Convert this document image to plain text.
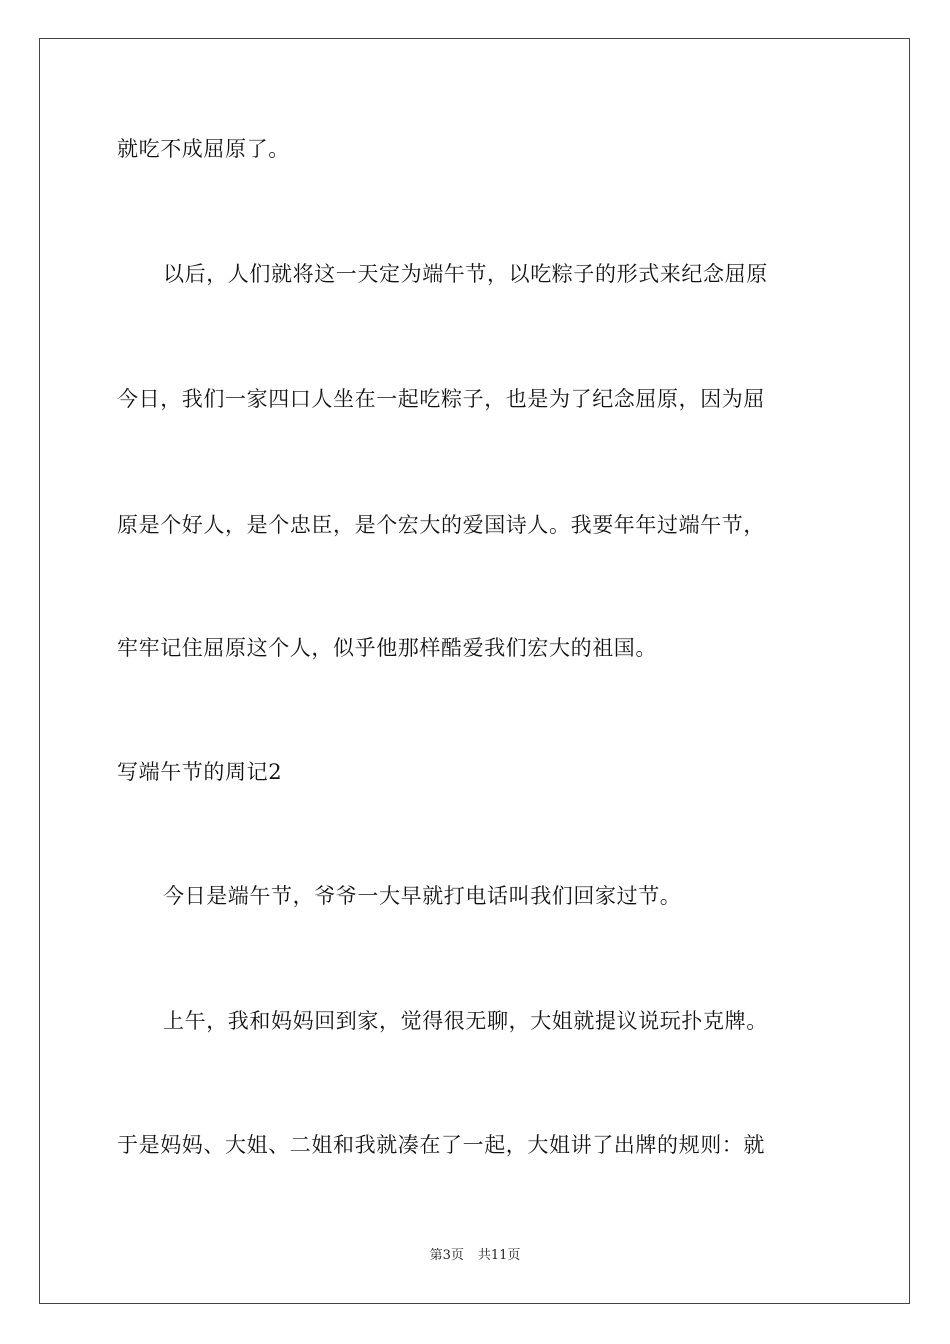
就吃不成屈原了。
以后，人们就将这一天定为端午节，以吃粽子的形式来纪念屈原
今日，我们一家四口人坐在一起吃粽子，也是为了纪念屈原，因为屈
原是个好人，是个忠臣，是个宏大的爱国诗人。我要年年过端午节，
牢牢记住屈原这个人，似乎他那样酷爱我们宏大的祖国。
写端午节的周记2
今日是端午节，爷爷一大早就打电话叫我们回家过节。
上午，我和妈妈回到家，觉得很无聊，大姐就提议说玩扑克牌。
于是妈妈、大姐、二姐和我就凑在了一起，大姐讲了出牌的规则：就
第3页 共11页
